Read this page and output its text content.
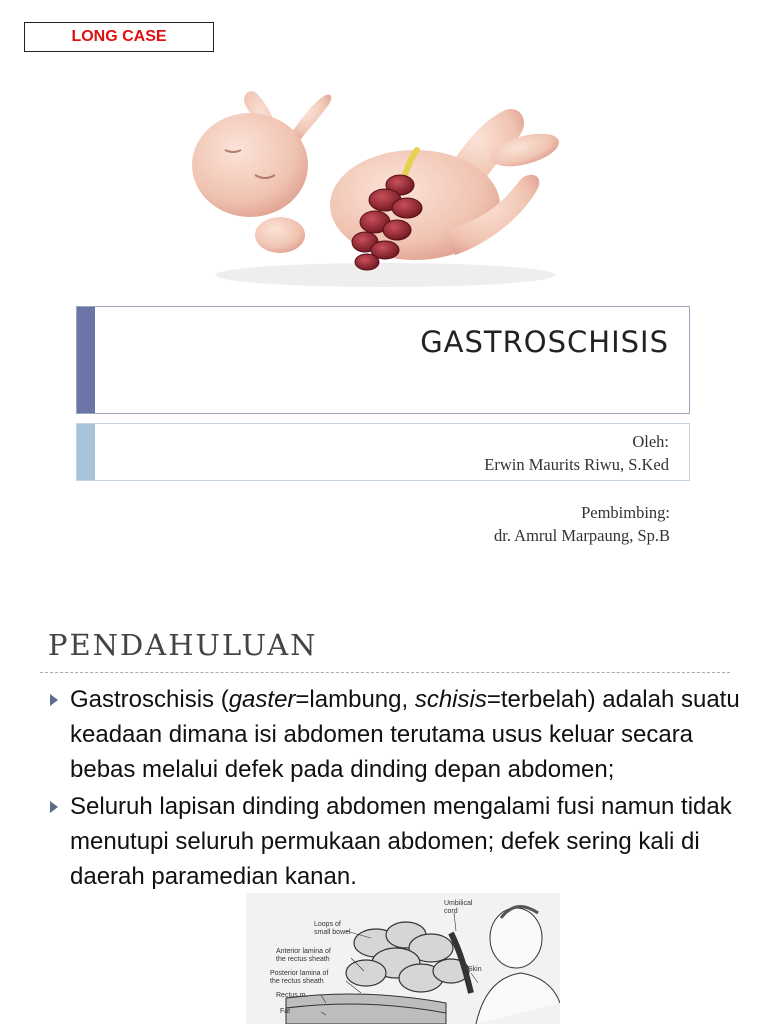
LONG CASE
GASTROSCHISIS
Oleh:
Erwin Maurits Riwu, S.Ked
Pembimbing:
dr. Amrul Marpaung, Sp.B
PENDAHULUAN
Gastroschisis (gaster=lambung, schisis=terbelah) adalah suatu keadaan dimana isi abdomen terutama usus keluar secara bebas melalui defek pada dinding depan abdomen;
Seluruh lapisan dinding abdomen mengalami fusi namun tidak menutupi seluruh permukaan abdomen; defek sering kali di daerah paramedian kanan.
Loops of small bowel
Umbilical cord
Anterior lamina of the rectus sheath
Posterior lamina of the rectus sheath
Rectus m.
Fat
Skin
